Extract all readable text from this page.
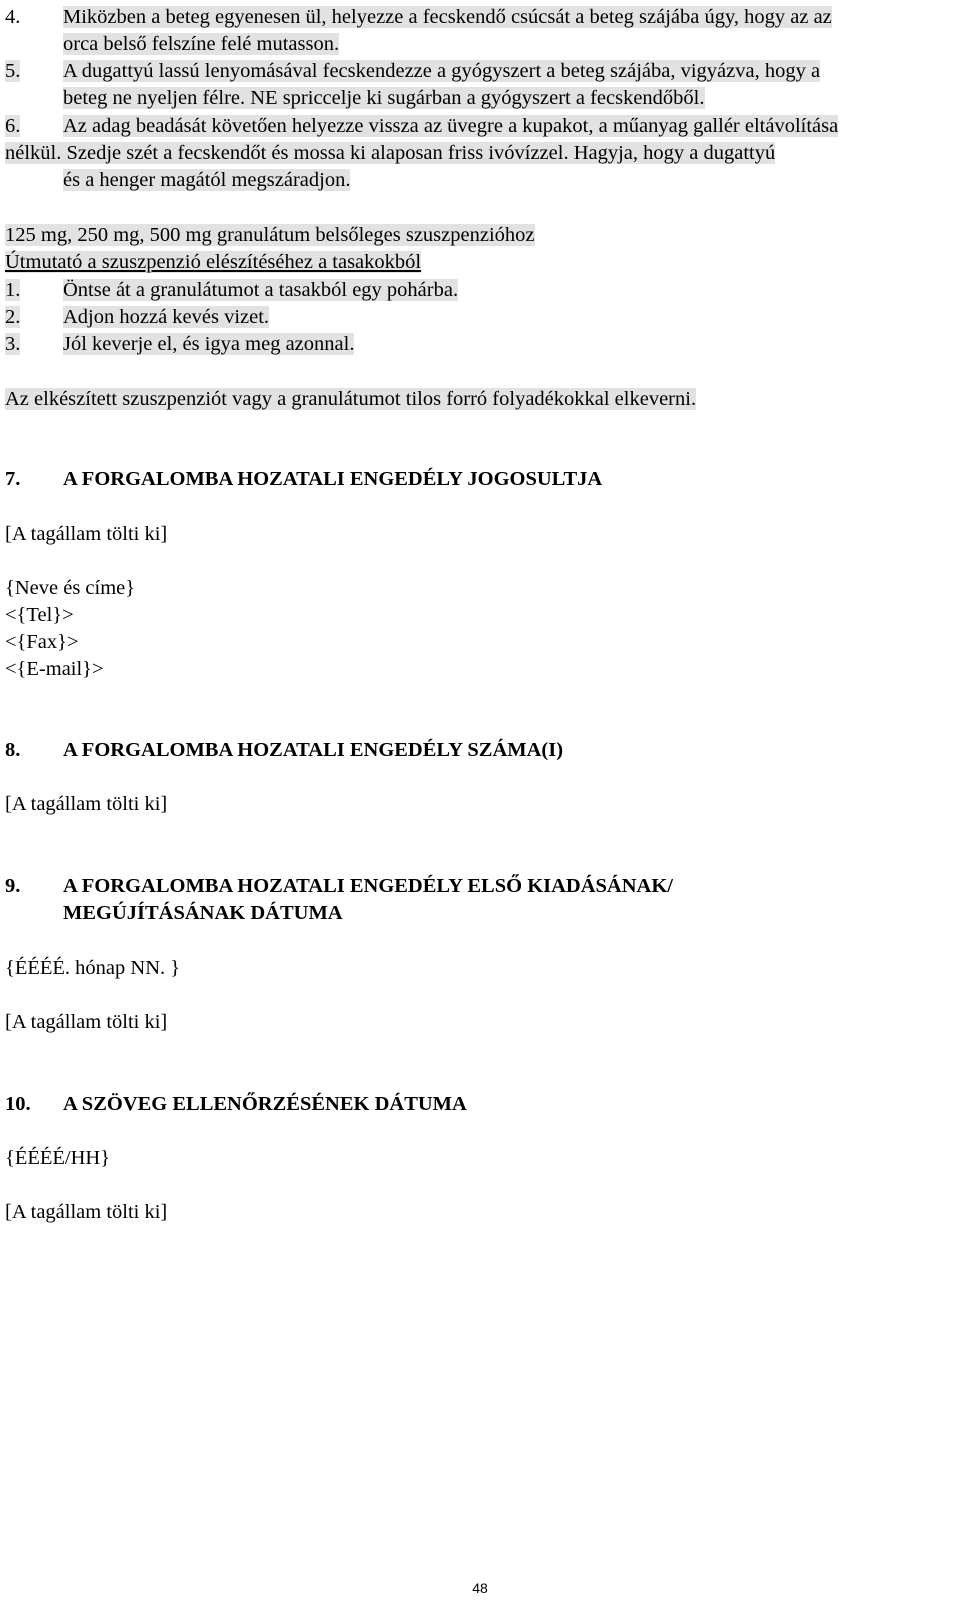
4. Miközben a beteg egyenesen ül, helyezze a fecskendő csúcsát a beteg szájába úgy, hogy az az
orca belső felszíne felé mutasson.
5. A dugattyú lassú lenyomásával fecskendezze a gyógyszert a beteg szájába, vigyázva, hogy a
beteg ne nyeljen félre. NE spriccelje ki sugárban a gyógyszert a fecskendőből.
6. Az adag beadását követően helyezze vissza az üvegre a kupakot, a műanyag gallér eltávolítása
nélkül. Szedje szét a fecskendőt és mossa ki alaposan friss ivóvízzel. Hagyja, hogy a dugattyú
és a henger magától megszáradjon.
125 mg, 250 mg, 500 mg granulátum belsőleges szuszpenzióhoz
Útmutató a szuszpenzió elészítéséhez a tasakokból
1. Öntse át a granulátumot a tasakból egy pohárba.
2. Adjon hozzá kevés vizet.
3. Jól keverje el, és igya meg azonnal.
Az elkészített szuszpenziót vagy a granulátumot tilos forró folyadékokkal elkeverni.
7. A FORGALOMBA HOZATALI ENGEDÉLY JOGOSULTJA
[A tagállam tölti ki]
{Neve és címe}
<{Tel}>
<{Fax}>
<{E-mail}>
8. A FORGALOMBA HOZATALI ENGEDÉLY SZÁMA(I)
[A tagállam tölti ki]
9. A FORGALOMBA HOZATALI ENGEDÉLY ELSŐ KIADÁSÁNAK/
MEGÚJÍTÁSÁNAK DÁTUMA
{ÉÉÉÉ. hónap NN. }
[A tagállam tölti ki]
10. A SZÖVEG ELLENŐRZÉSÉNEK DÁTUMA
{ÉÉÉÉ/HH}
[A tagállam tölti ki]
48
